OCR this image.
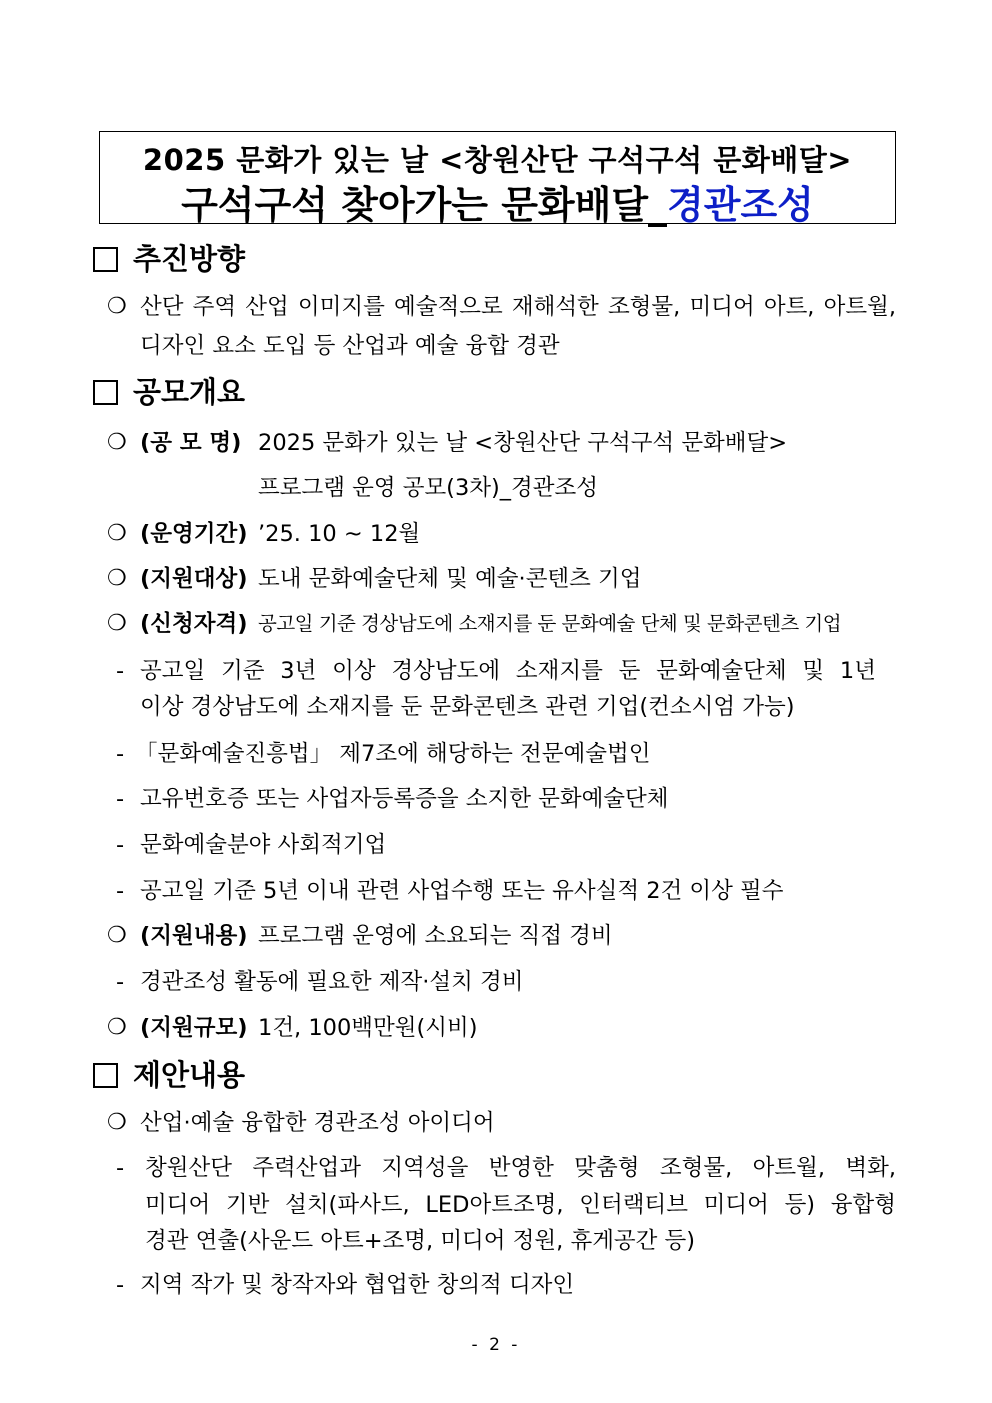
2025 문화가 있는 날 <창원산단 구석구석 문화배달>
구석구석 찾아가는 문화배달_경관조성
추진방향
❍ 산단 주역 산업 이미지를 예술적으로 재해석한 조형물, 미디어 아트, 아트월,
디자인 요소 도입 등 산업과 예술 융합 경관
공모개요
❍ (공 모 명) 2025 문화가 있는 날 <창원산단 구석구석 문화배달>
프로그램 운영 공모(3차)_경관조성
❍ (운영기간) ’25. 10 ~ 12월
❍ (지원대상) 도내 문화예술단체 및 예술·콘텐츠 기업
❍ (신청자격) 공고일 기준 경상남도에 소재지를 둔 문화예술 단체 및 문화콘텐츠 기업
- 공고일 기준 3년 이상 경상남도에 소재지를 둔 문화예술단체 및 1년
이상 경상남도에 소재지를 둔 문화콘텐츠 관련 기업(컨소시엄 가능)
- 「문화예술진흥법」 제7조에 해당하는 전문예술법인
- 고유번호증 또는 사업자등록증을 소지한 문화예술단체
- 문화예술분야 사회적기업
- 공고일 기준 5년 이내 관련 사업수행 또는 유사실적 2건 이상 필수
❍ (지원내용) 프로그램 운영에 소요되는 직접 경비
- 경관조성 활동에 필요한 제작·설치 경비
❍ (지원규모) 1건, 100백만원(시비)
제안내용
❍ 산업·예술 융합한 경관조성 아이디어
- 창원산단 주력산업과 지역성을 반영한 맞춤형 조형물, 아트월, 벽화,
미디어 기반 설치(파사드, LED아트조명, 인터랙티브 미디어 등) 융합형
경관 연출(사운드 아트+조명, 미디어 정원, 휴게공간 등)
- 지역 작가 및 창작자와 협업한 창의적 디자인
- 2 -
